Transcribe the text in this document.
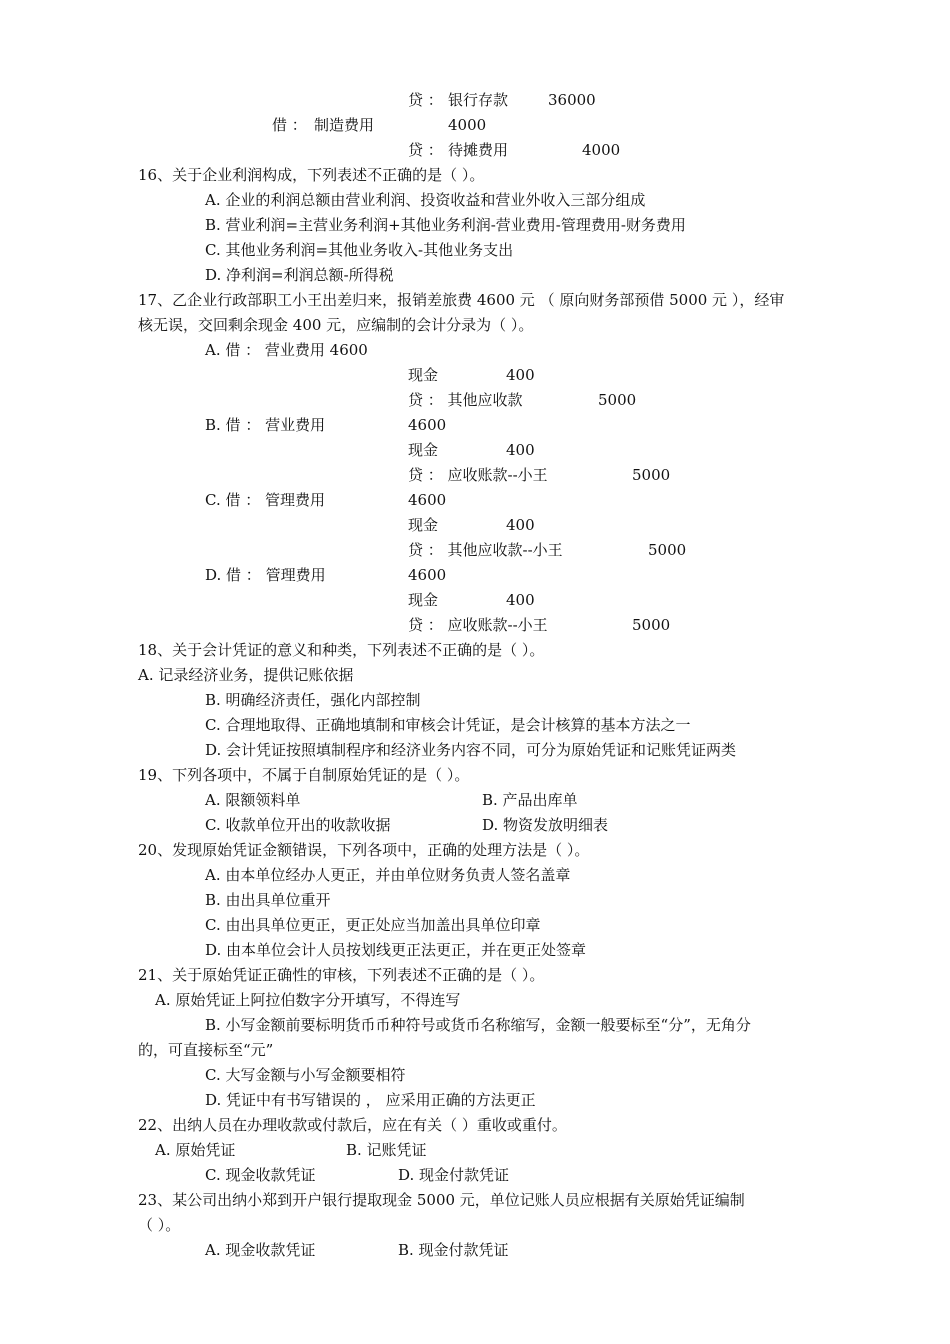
贷 ： 银行存款	36000
借 ： 制造费用	4000
贷 ： 待摊费用	4000
16、关于企业利润构成，下列表述不正确的是（ ）。
A. 企业的利润总额由营业利润、投资收益和营业外收入三部分组成
B. 营业利润=主营业务利润+其他业务利润-营业费用-管理费用-财务费用
C. 其他业务利润=其他业务收入-其他业务支出
D. 净利润=利润总额-所得税
17、乙企业行政部职工小王出差归来，报销差旅费 4600 元 （ 原向财务部预借 5000 元 ），经审
核无误，交回剩余现金 400 元，应编制的会计分录为（ ）。
A. 借 ： 营业费用 4600
现金	400
贷 ： 其他应收款	5000
B. 借 ： 营业费用	4600
现金	400
贷 ： 应收账款--小王	5000
C. 借 ： 管理费用	4600
现金	400
贷 ： 其他应收款--小王	5000
D. 借 ： 管理费用	4600
现金	400
贷 ： 应收账款--小王	5000
18、关于会计凭证的意义和种类，下列表述不正确的是（ ）。
A. 记录经济业务，提供记账依据
B. 明确经济责任，强化内部控制
C. 合理地取得、正确地填制和审核会计凭证，是会计核算的基本方法之一
D. 会计凭证按照填制程序和经济业务内容不同，可分为原始凭证和记账凭证两类
19、下列各项中，不属于自制原始凭证的是（ ）。
A. 限额领料单	B. 产品出库单
C. 收款单位开出的收款收据	D. 物资发放明细表
20、发现原始凭证金额错误，下列各项中，正确的处理方法是（ ）。
A. 由本单位经办人更正，并由单位财务负责人签名盖章
B. 由出具单位重开
C. 由出具单位更正，更正处应当加盖出具单位印章
D. 由本单位会计人员按划线更正法更正，并在更正处签章
21、关于原始凭证正确性的审核，下列表述不正确的是（ ）。
A. 原始凭证上阿拉伯数字分开填写，不得连写
B. 小写金额前要标明货币币种符号或货币名称缩写，金额一般要标至“分”，无角分
的，可直接标至“元”
C. 大写金额与小写金额要相符
D. 凭证中有书写错误的 ， 应采用正确的方法更正
22、出纳人员在办理收款或付款后，应在有关（ ）重收或重付。
A. 原始凭证	B. 记账凭证
C. 现金收款凭证	D. 现金付款凭证
23、某公司出纳小郑到开户银行提取现金 5000 元，单位记账人员应根据有关原始凭证编制
（ ）。
A. 现金收款凭证	B. 现金付款凭证
